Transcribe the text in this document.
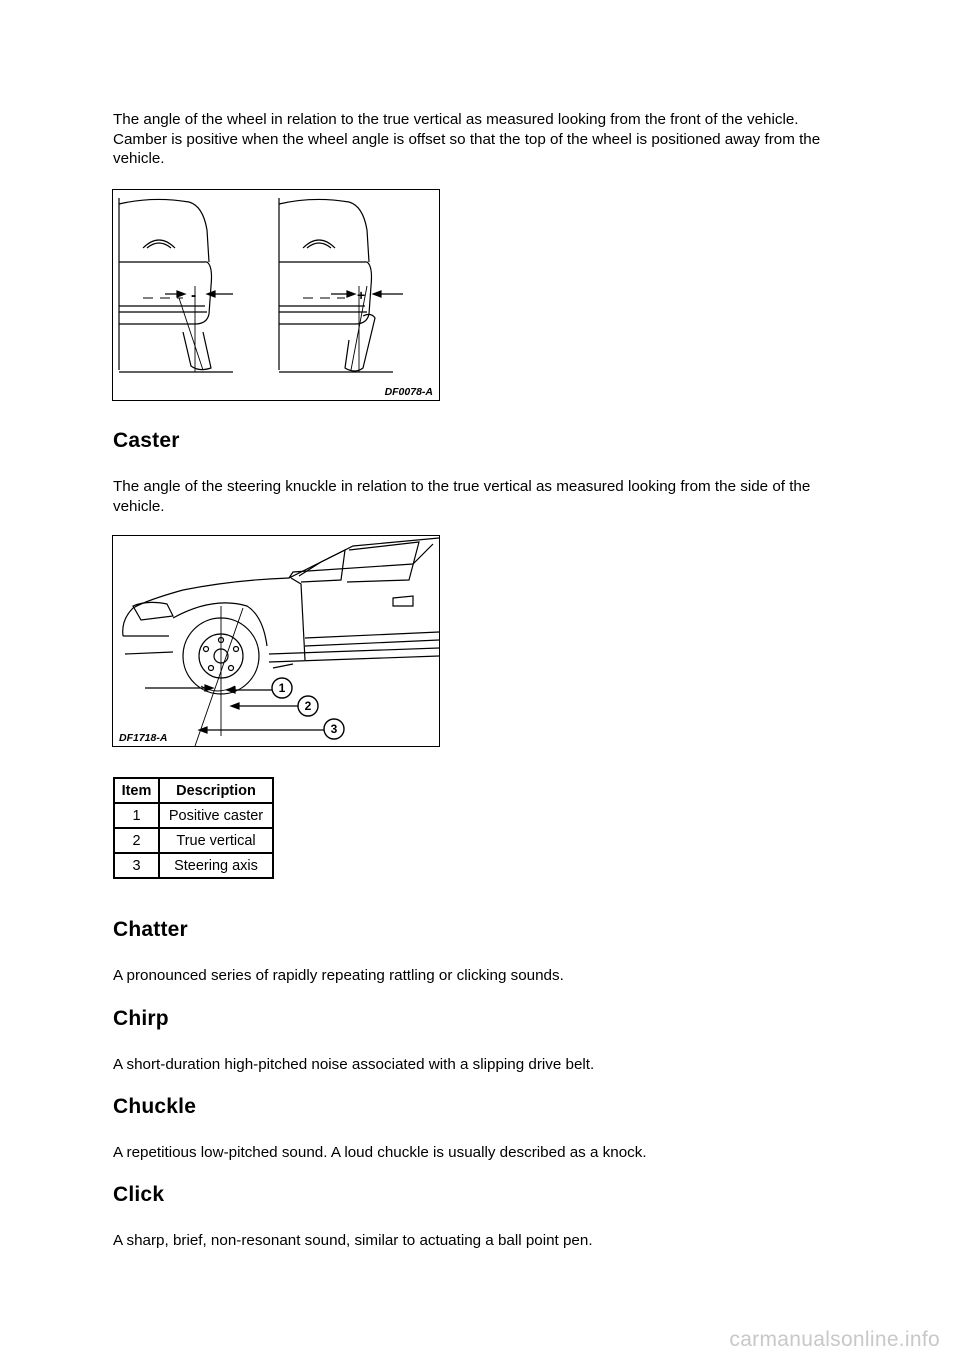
The angle of the wheel in relation to the true vertical as measured looking from the front of the vehicle. Camber is positive when the wheel angle is offset so that the top of the wheel is positioned away from the vehicle.

-	+
DF0078-A
Caster

The angle of the steering knuckle in relation to the true vertical as measured looking from the side of the vehicle.

1
2
3
DF1718-A
Item	Description
1	Positive caster
2	True vertical
3	Steering axis
Chatter

A pronounced series of rapidly repeating rattling or clicking sounds.

Chirp

A short-duration high-pitched noise associated with a slipping drive belt.

Chuckle

A repetitious low-pitched sound. A loud chuckle is usually described as a knock.

Click

A sharp, brief, non-resonant sound, similar to actuating a ball point pen.

carmanualsonline.info
